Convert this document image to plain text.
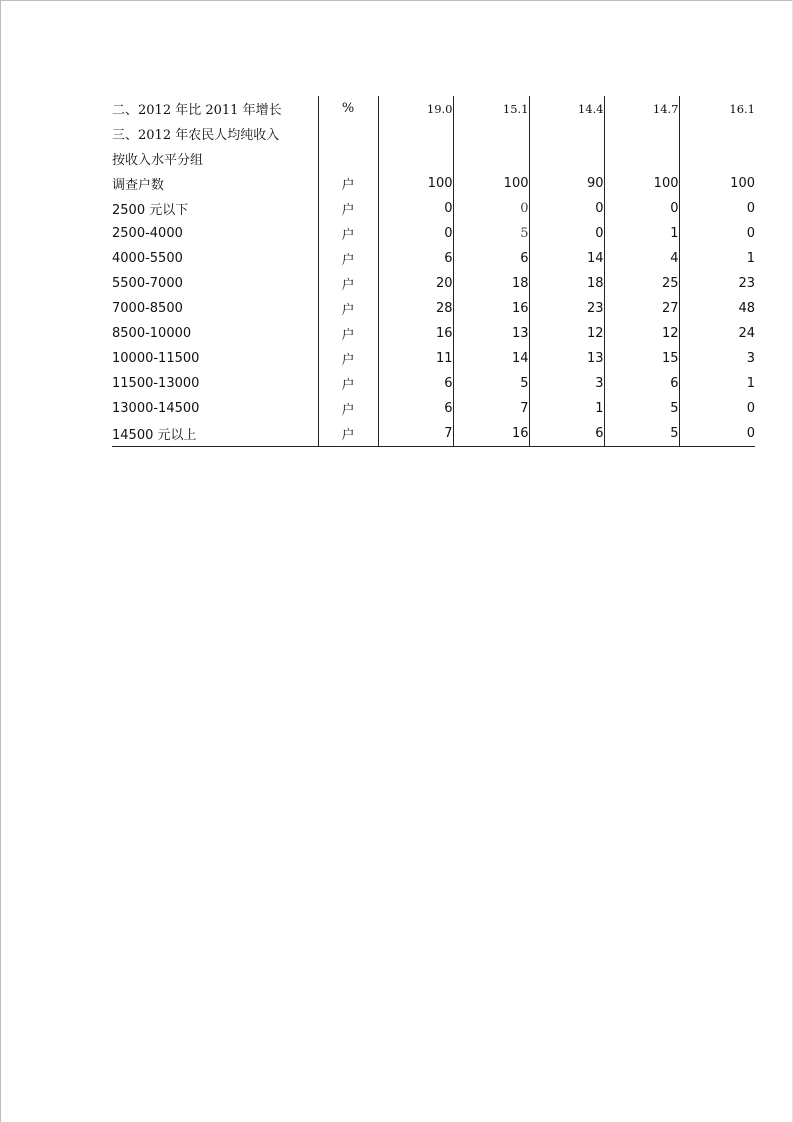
二、2012 年比 2011 年增长	%	19.0	15.1	14.4	14.7	16.1
三、2012 年农民人均纯收入						
按收入水平分组						
调查户数	户	100	100	90	100	100
2500 元以下	户	0	0	0	0	0
2500-4000	户	0	5	0	1	0
4000-5500	户	6	6	14	4	1
5500-7000	户	20	18	18	25	23
7000-8500	户	28	16	23	27	48
8500-10000	户	16	13	12	12	24
10000-11500	户	11	14	13	15	3
11500-13000	户	6	5	3	6	1
13000-14500	户	6	7	1	5	0
14500 元以上	户	7	16	6	5	0
